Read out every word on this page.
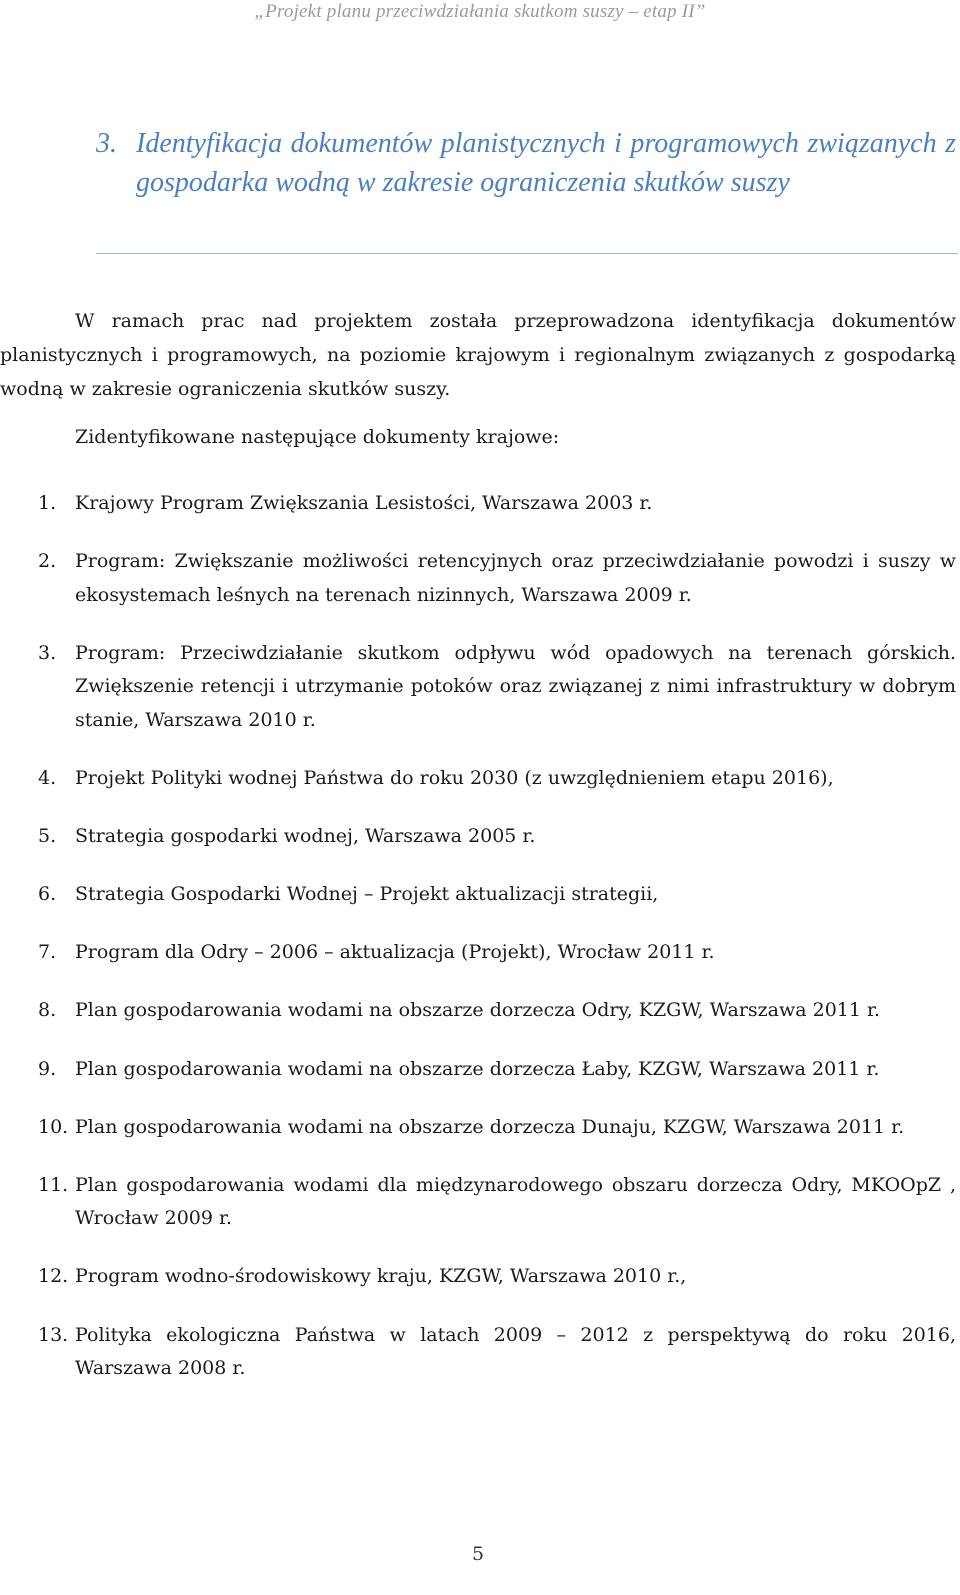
„Projekt planu przeciwdziałania skutkom suszy – etap II”
3. Identyfikacja dokumentów planistycznych i programowych związanych z gospodarka wodną w zakresie ograniczenia skutków suszy

W ramach prac nad projektem została przeprowadzona identyfikacja dokumentów planistycznych i programowych, na poziomie krajowym i regionalnym związanych z gospodarką wodną w zakresie ograniczenia skutków suszy.

Zidentyfikowane następujące dokumenty krajowe:

1. Krajowy Program Zwiększania Lesistości, Warszawa 2003 r.
2. Program: Zwiększanie możliwości retencyjnych oraz przeciwdziałanie powodzi i suszy w ekosystemach leśnych na terenach nizinnych, Warszawa 2009 r.
3. Program: Przeciwdziałanie skutkom odpływu wód opadowych na terenach górskich. Zwiększenie retencji i utrzymanie potoków oraz związanej z nimi infrastruktury w dobrym stanie, Warszawa 2010 r.
4. Projekt Polityki wodnej Państwa do roku 2030 (z uwzględnieniem etapu 2016),
5. Strategia gospodarki wodnej, Warszawa 2005 r.
6. Strategia Gospodarki Wodnej – Projekt aktualizacji strategii,
7. Program dla Odry – 2006 – aktualizacja (Projekt), Wrocław 2011 r.
8. Plan gospodarowania wodami na obszarze dorzecza Odry, KZGW, Warszawa 2011 r.
9. Plan gospodarowania wodami na obszarze dorzecza Łaby, KZGW, Warszawa 2011 r.
10. Plan gospodarowania wodami na obszarze dorzecza Dunaju, KZGW, Warszawa 2011 r.
11. Plan gospodarowania wodami dla międzynarodowego obszaru dorzecza Odry, MKOOpZ , Wrocław 2009 r.
12. Program wodno-środowiskowy kraju, KZGW, Warszawa 2010 r.,
13. Polityka ekologiczna Państwa w latach 2009 – 2012 z perspektywą do roku 2016, Warszawa 2008 r.
5
